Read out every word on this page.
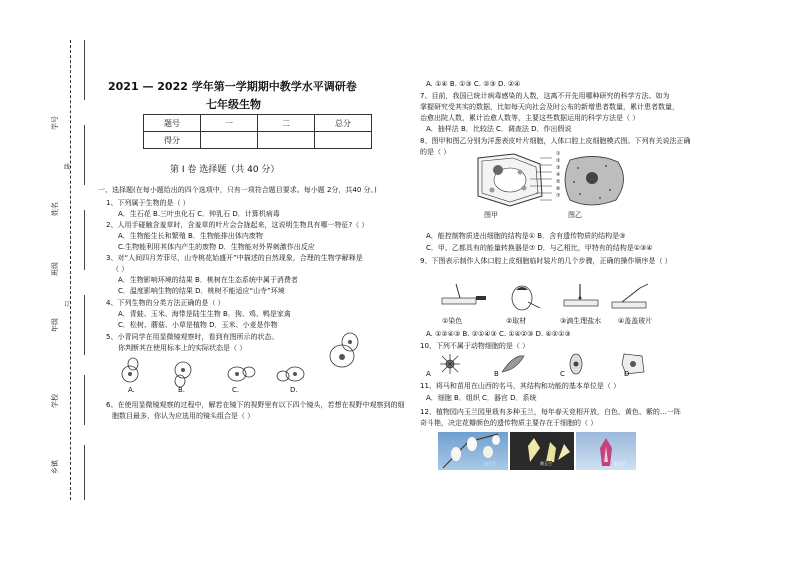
学号
姓名
班级
年级
学校
乡镇
线
订
2021 — 2022 学年第一学期期中教学水平调研卷
七年级生物
题号	一	二	总分
得分			
第 I 卷 选择题（共 40 分）
一、选择题(在每小题给出的四个选项中，只有一项符合题目要求。每小题 2分，共40 分。)
1、下列属于生物的是（ ）
A．生石花 B.三叶虫化石 C．钟乳石 D．计算机病毒
2、人用手碰触含羞草时，含羞草的叶片会合拢起来，这说明生物具有哪一特征?（ ）
A．生物能生长和繁殖 B．生物能排出体内废物
C.生物能利用其体内产生的废物 D．生物能对外界刺激作出反应
3、对“人间四月芳菲尽，山寺桃花始盛开”中描述的自然现象，合理的生物学解释是
（ ）
A．生物影响环境的结果 B．桃树在生态系统中属于消费者
C．温度影响生物的结果 D．桃树不能适应“山寺”环境
4、下列生物的分类方法正确的是（ ）
A．青蛙、玉米、海带是陆生生物 B．狗、鸡、鸭是家禽
C．松树、蘑菇、小草是植物 D．玉米、小麦是作物
5、小青同学在用显微镜观察时，看到有图所示的状态。
你判断其在使用标本上的实际状态是（ ）
A.	B.	C.	D.
6、在使用显微镜观察的过程中，解若在镜下的视野里有以下四个镜头，若想在视野中观察到的细
胞数目最多，你认为应选用的镜头组合是（ ）
A. ①④ B. ①③ C. ②③ D. ②④
7、目前，我国已统计病毒感染的人数，这离不开先用哪种研究的科学方法。如为
掌握研究受其实的数据，比如每天向社会及时公布的新增患者数量，累计患者数量，
治愈出院人数，累计治愈人数等，主要这些数据运用的科学方法是（ ）
A．抽样法 B．比较法 C．调查法 D．作出假说
8、图甲和图乙分别为洋葱表皮叶片细胞，人体口腔上皮细胞模式图。下列有关说法正确
的是（ ）	①
②
③
④
⑤
⑥
⑦
图甲	图乙
A．能控制物质进出细胞的结构是① B．含有遗传物质的结构是③
C．甲、乙都具有的能量转换器是⑦ D．与乙相比，甲特有的结构是①③④
9、下图表示制作人体口腔上皮细胞临时装片的几个步骤，正确的操作顺序是（ ）
①染色	②取材	③滴生理盐水 ④盖盖玻片
A. ①②④③ B. ②①④③ C. ①④②③ D. ④②①③
10、下列不属于动物细胞的是（ ）
A	B	C	D
11、将马和苗用在山西的名马，其结构和功能的基本单位是（ ）
A．细胞 B．组织 C．器官 D．系统
12、植物园内玉兰园里栽有多种玉兰，每年春天竞相开放，白色、黄色、紫的…一阵
奇斗艳，决定花瓣颜色的遗传物质主要存在于细胞的（ ）
白玉兰	黄玉兰	紫玉兰
